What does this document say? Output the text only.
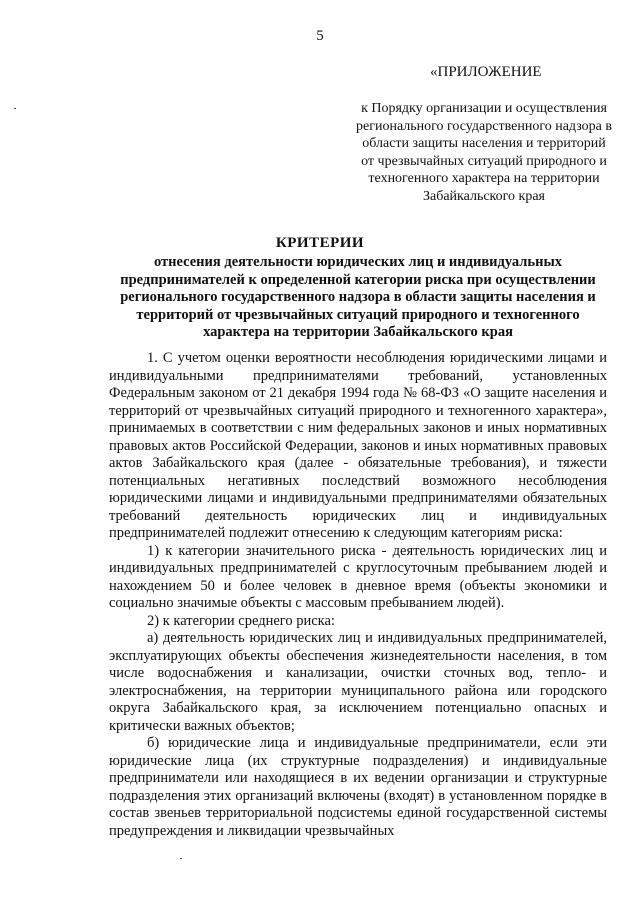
5
«ПРИЛОЖЕНИЕ
к Порядку организации и осуществления регионального государственного надзора в области защиты населения и территорий от чрезвычайных ситуаций природного и техногенного характера на территории Забайкальского края
КРИТЕРИИ
отнесения деятельности юридических лиц и индивидуальных предпринимателей к определенной категории риска при осуществлении регионального государственного надзора в области защиты населения и территорий от чрезвычайных ситуаций природного и техногенного характера на территории Забайкальского края

1. С учетом оценки вероятности несоблюдения юридическими лицами и индивидуальными предпринимателями требований, установленных Федеральным законом от 21 декабря 1994 года № 68-ФЗ «О защите населения и территорий от чрезвычайных ситуаций природного и техногенного характера», принимаемых в соответствии с ним федеральных законов и иных нормативных правовых актов Российской Федерации, законов и иных нормативных правовых актов Забайкальского края (далее - обязательные требования), и тяжести потенциальных негативных последствий возможного несоблюдения юридическими лицами и индивидуальными предпринимателями обязательных требований деятельность юридических лиц и индивидуальных предпринимателей подлежит отнесению к следующим категориям риска:

1) к категории значительного риска - деятельность юридических лиц и индивидуальных предпринимателей с круглосуточным пребыванием людей и нахождением 50 и более человек в дневное время (объекты экономики и социально значимые объекты с массовым пребыванием людей).

2) к категории среднего риска:

а) деятельность юридических лиц и индивидуальных предпринимателей, эксплуатирующих объекты обеспечения жизнедеятельности населения, в том числе водоснабжения и канализации, очистки сточных вод, тепло- и электроснабжения, на территории муниципального района или городского округа Забайкальского края, за исключением потенциально опасных и критически важных объектов;

б) юридические лица и индивидуальные предприниматели, если эти юридические лица (их структурные подразделения) и индивидуальные предприниматели или находящиеся в их ведении организации и структурные подразделения этих организаций включены (входят) в установленном порядке в состав звеньев территориальной подсистемы единой государственной системы предупреждения и ликвидации чрезвычайных
